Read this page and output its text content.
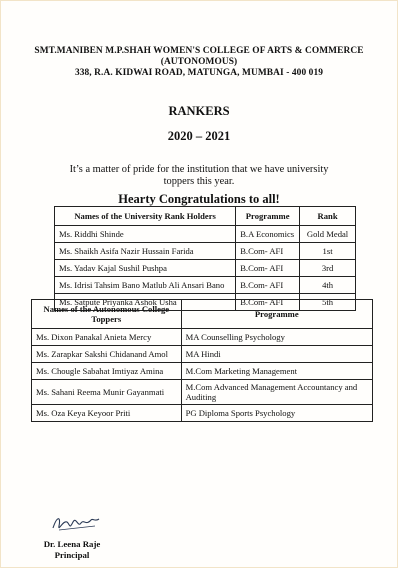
SMT.MANIBEN M.P.SHAH WOMEN'S COLLEGE OF ARTS & COMMERCE
(AUTONOMOUS)
338, R.A. KIDWAI ROAD, MATUNGA, MUMBAI - 400 019
RANKERS
2020 – 2021
It’s a matter of pride for the institution that we have university toppers this year.
Hearty Congratulations to all!
Names of the University Rank Holders	Programme	Rank
Ms. Riddhi Shinde	B.A Economics	Gold Medal
Ms. Shaikh Asifa Nazir Hussain Farida	B.Com- AFI	1st
Ms. Yadav Kajal Sushil Pushpa	B.Com- AFI	3rd
Ms. Idrisi Tahsim Bano Matlub Ali Ansari Bano	B.Com- AFI	4th
Ms. Satpute Priyanka Ashok Usha	B.Com- AFI	5th
Names of the Autonomous College Toppers	Programme
Ms. Dixon Panakal Anieta Mercy	MA Counselling Psychology
Ms. Zarapkar Sakshi Chidanand Amol	MA Hindi
Ms. Chougle Sabahat Imtiyaz Amina	M.Com Marketing Management
Ms. Sahani Reema Munir Gayanmati	M.Com Advanced Management Accountancy and Auditing
Ms. Oza Keya Keyoor Priti	PG Diploma Sports Psychology
Dr. Leena Raje
Principal
